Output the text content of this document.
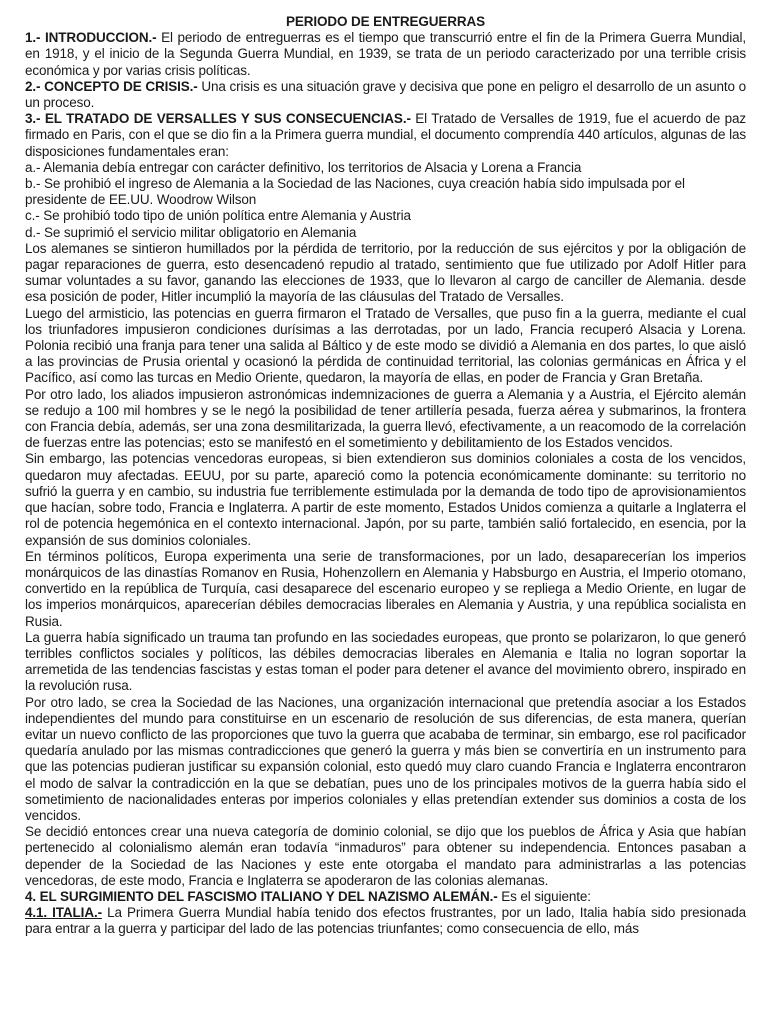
PERIODO DE ENTREGUERRAS

1.- INTRODUCCION.- El periodo de entreguerras es el tiempo que transcurrió entre el fin de la Primera Guerra Mundial, en 1918, y el inicio de la Segunda Guerra Mundial, en 1939, se trata de un periodo caracterizado por una terrible crisis económica y por varias crisis políticas.

2.- CONCEPTO DE CRISIS.- Una crisis es una situación grave y decisiva que pone en peligro el desarrollo de un asunto o un proceso.

3.- EL TRATADO DE VERSALLES Y SUS CONSECUENCIAS.- El Tratado de Versalles de 1919, fue el acuerdo de paz firmado en Paris, con el que se dio fin a la Primera guerra mundial, el documento comprendía 440 artículos, algunas de las disposiciones fundamentales eran:

a.- Alemania debía entregar con carácter definitivo, los territorios de Alsacia y Lorena a Francia

b.- Se prohibió el ingreso de Alemania a la Sociedad de las Naciones, cuya creación había sido impulsada por el presidente de EE.UU. Woodrow Wilson

c.- Se prohibió todo tipo de unión política entre Alemania y Austria

d.- Se suprimió el servicio militar obligatorio en Alemania

Los alemanes se sintieron humillados por la pérdida de territorio, por la reducción de sus ejércitos y por la obligación de pagar reparaciones de guerra, esto desencadenó repudio al tratado, sentimiento que fue utilizado por Adolf Hitler para sumar voluntades a su favor, ganando las elecciones de 1933, que lo llevaron al cargo de canciller de Alemania. desde esa posición de poder, Hitler incumplió la mayoría de las cláusulas del Tratado de Versalles.

Luego del armisticio, las potencias en guerra firmaron el Tratado de Versalles, que puso fin a la guerra, mediante el cual los triunfadores impusieron condiciones durísimas a las derrotadas, por un lado, Francia recuperó Alsacia y Lorena. Polonia recibió una franja para tener una salida al Báltico y de este modo se dividió a Alemania en dos partes, lo que aisló a las provincias de Prusia oriental y ocasionó la pérdida de continuidad territorial, las colonias germánicas en África y el Pacífico, así como las turcas en Medio Oriente, quedaron, la mayoría de ellas, en poder de Francia y Gran Bretaña.

Por otro lado, los aliados impusieron astronómicas indemnizaciones de guerra a Alemania y a Austria, el Ejército alemán se redujo a 100 mil hombres y se le negó la posibilidad de tener artillería pesada, fuerza aérea y submarinos, la frontera con Francia debía, además, ser una zona desmilitarizada, la guerra llevó, efectivamente, a un reacomodo de la correlación de fuerzas entre las potencias; esto se manifestó en el sometimiento y debilitamiento de los Estados vencidos.

Sin embargo, las potencias vencedoras europeas, si bien extendieron sus dominios coloniales a costa de los vencidos, quedaron muy afectadas. EEUU, por su parte, apareció como la potencia económicamente dominante: su territorio no sufrió la guerra y en cambio, su industria fue terriblemente estimulada por la demanda de todo tipo de aprovisionamientos que hacían, sobre todo, Francia e Inglaterra. A partir de este momento, Estados Unidos comienza a quitarle a Inglaterra el rol de potencia hegemónica en el contexto internacional. Japón, por su parte, también salió fortalecido, en esencia, por la expansión de sus dominios coloniales.

En términos políticos, Europa experimenta una serie de transformaciones, por un lado, desaparecerían los imperios monárquicos de las dinastías Romanov en Rusia, Hohenzollern en Alemania y Habsburgo en Austria, el Imperio otomano, convertido en la república de Turquía, casi desaparece del escenario europeo y se repliega a Medio Oriente, en lugar de los imperios monárquicos, aparecerían débiles democracias liberales en Alemania y Austria, y una república socialista en Rusia.

La guerra había significado un trauma tan profundo en las sociedades europeas, que pronto se polarizaron, lo que generó terribles conflictos sociales y políticos, las débiles democracias liberales en Alemania e Italia no logran soportar la arremetida de las tendencias fascistas y estas toman el poder para detener el avance del movimiento obrero, inspirado en la revolución rusa.

Por otro lado, se crea la Sociedad de las Naciones, una organización internacional que pretendía asociar a los Estados independientes del mundo para constituirse en un escenario de resolución de sus diferencias, de esta manera, querían evitar un nuevo conflicto de las proporciones que tuvo la guerra que acababa de terminar, sin embargo, ese rol pacificador quedaría anulado por las mismas contradicciones que generó la guerra y más bien se convertiría en un instrumento para que las potencias pudieran justificar su expansión colonial, esto quedó muy claro cuando Francia e Inglaterra encontraron el modo de salvar la contradicción en la que se debatían, pues uno de los principales motivos de la guerra había sido el sometimiento de nacionalidades enteras por imperios coloniales y ellas pretendían extender sus dominios a costa de los vencidos.

Se decidió entonces crear una nueva categoría de dominio colonial, se dijo que los pueblos de África y Asia que habían pertenecido al colonialismo alemán eran todavía “inmaduros” para obtener su independencia. Entonces pasaban a depender de la Sociedad de las Naciones y este ente otorgaba el mandato para administrarlas a las potencias vencedoras, de este modo, Francia e Inglaterra se apoderaron de las colonias alemanas.

4. EL SURGIMIENTO DEL FASCISMO ITALIANO Y DEL NAZISMO ALEMÁN.- Es el siguiente:

4.1. ITALIA.- La Primera Guerra Mundial había tenido dos efectos frustrantes, por un lado, Italia había sido presionada para entrar a la guerra y participar del lado de las potencias triunfantes; como consecuencia de ello, más
